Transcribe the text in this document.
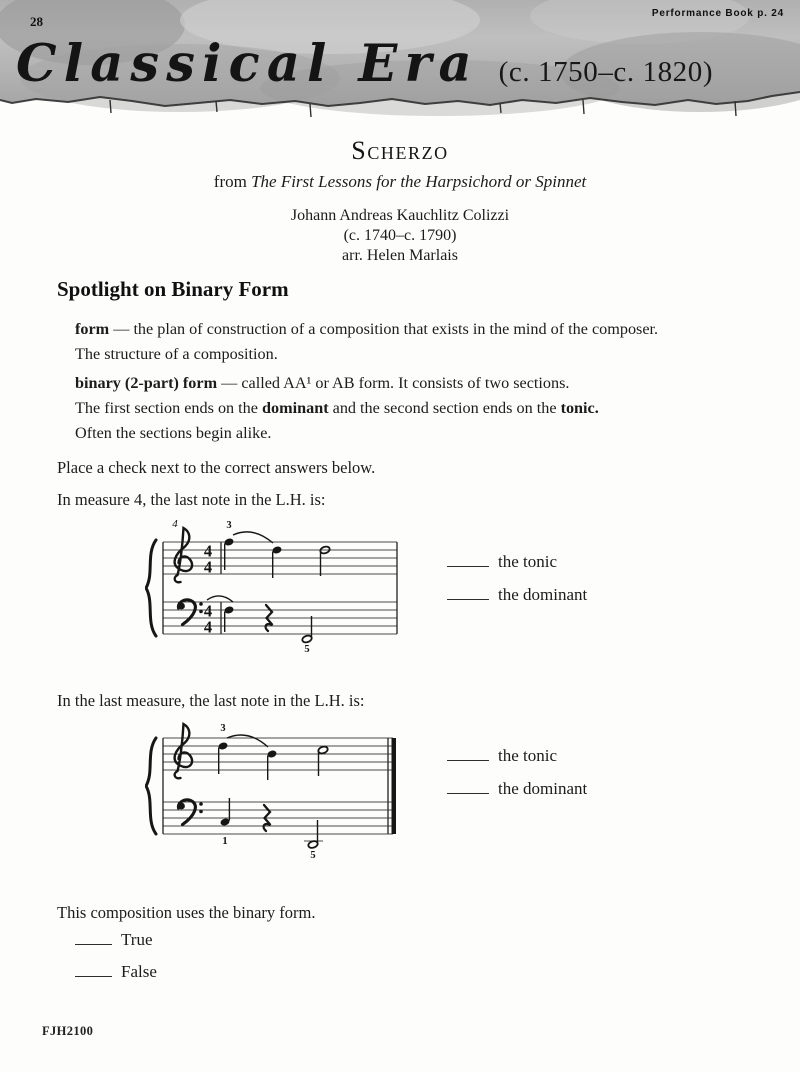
28
Performance Book p. 24
Classical Era (c. 1750–c. 1820)
Scherzo
from The First Lessons for the Harpsichord or Spinnet
Johann Andreas Kauchlitz Colizzi
(c. 1740–c. 1790)
arr. Helen Marlais
Spotlight on Binary Form

form — the plan of construction of a composition that exists in the mind of the composer.
The structure of a composition.

binary (2-part) form — called AA¹ or AB form. It consists of two sections.
The first section ends on the dominant and the second section ends on the tonic.
Often the sections begin alike.

Place a check next to the correct answers below.

In measure 4, the last note in the L.H. is:

4
4
4
4
4
3
5
the tonic
the dominant

In the last measure, the last note in the L.H. is:

3
1
5
the tonic
the dominant

This composition uses the binary form.

True
False
FJH2100
